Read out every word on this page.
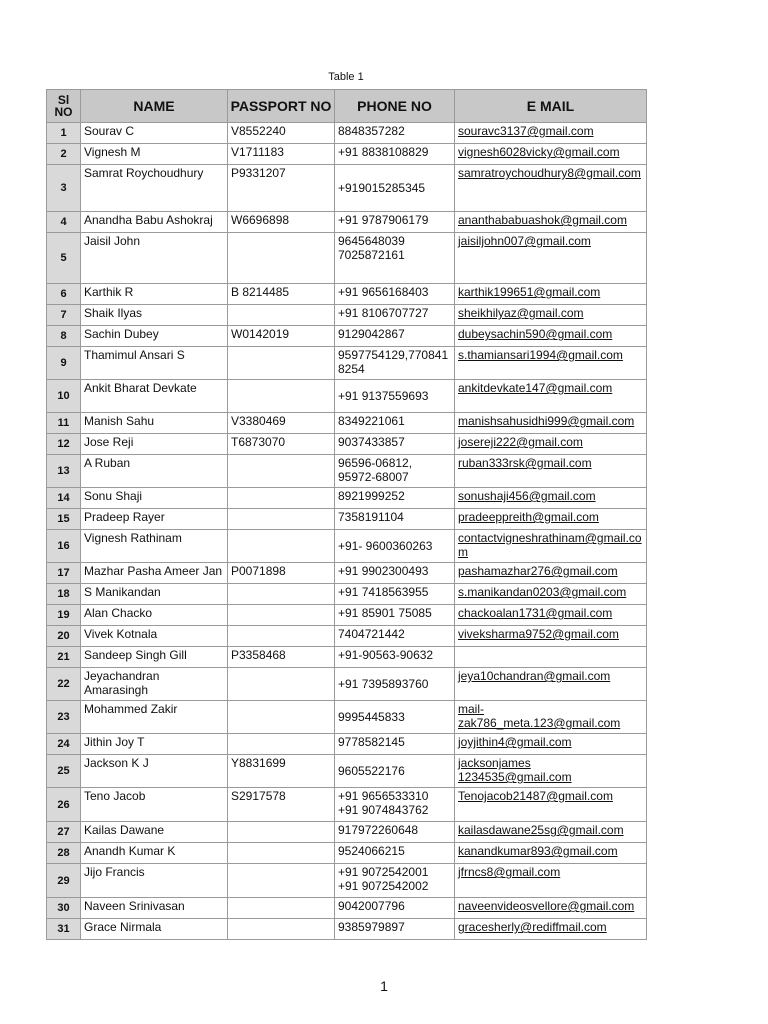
Table 1
Sl
NO	NAME	PASSPORT NO	PHONE NO	E MAIL
1	Sourav C	V8552240	8848357282	souravc3137@gmail.com
2	Vignesh M	V1711183	+91 8838108829	vignesh6028vicky@gmail.com
3	Samrat Roychoudhury	P9331207	+919015285345	samratroychoudhury8@gmail.com
4	Anandha Babu Ashokraj	W6696898	+91 9787906179	ananthababuashok@gmail.com
5	Jaisil John		9645648039
7025872161	jaisiljohn007@gmail.com
6	Karthik R	B 8214485	+91 9656168403	karthik199651@gmail.com
7	Shaik Ilyas		+91 8106707727	sheikhilyaz@gmail.com
8	Sachin Dubey	W0142019	9129042867	dubeysachin590@gmail.com
9	Thamimul Ansari S		9597754129,7708418254	s.thamiansari1994@gmail.com
10	Ankit Bharat Devkate		+91 9137559693	ankitdevkate147@gmail.com
11	Manish Sahu	V3380469	8349221061	manishsahusidhi999@gmail.com
12	Jose Reji	T6873070	9037433857	josereji222@gmail.com
13	A Ruban		96596-06812,
95972-68007	ruban333rsk@gmail.com
14	Sonu Shaji		8921999252	sonushaji456@gmail.com
15	Pradeep Rayer		7358191104	pradeeppreith@gmail.com
16	Vignesh Rathinam		+91- 9600360263	contactvigneshrathinam@gmail.com
17	Mazhar Pasha Ameer Jan	P0071898	+91 9902300493	pashamazhar276@gmail.com
18	S Manikandan		+91 7418563955	s.manikandan0203@gmail.com
19	Alan Chacko		+91 85901 75085	chackoalan1731@gmail.com
20	Vivek Kotnala		7404721442	viveksharma9752@gmail.com
21	Sandeep Singh Gill	P3358468	+91-90563-90632	
22	Jeyachandran Amarasingh		+91 7395893760	jeya10chandran@gmail.com
23	Mohammed Zakir		9995445833	mail-zak786_meta.123@gmail.com
24	Jithin Joy T		9778582145	joyjithin4@gmail.com
25	Jackson K J	Y8831699	9605522176	jacksonjames
1234535@gmail.com

26	Teno Jacob	S2917578	+91 9656533310
+91 9074843762	Tenojacob21487@gmail.com
27	Kailas Dawane		917972260648	kailasdawane25sg@gmail.com
28	Anandh Kumar K		9524066215	kanandkumar893@gmail.com
29	Jijo Francis		+91 9072542001
+91 9072542002	jfrncs8@gmail.com
30	Naveen Srinivasan		9042007796	naveenvideosvellore@gmail.com
31	Grace Nirmala		9385979897	gracesherly@rediffmail.com
1
